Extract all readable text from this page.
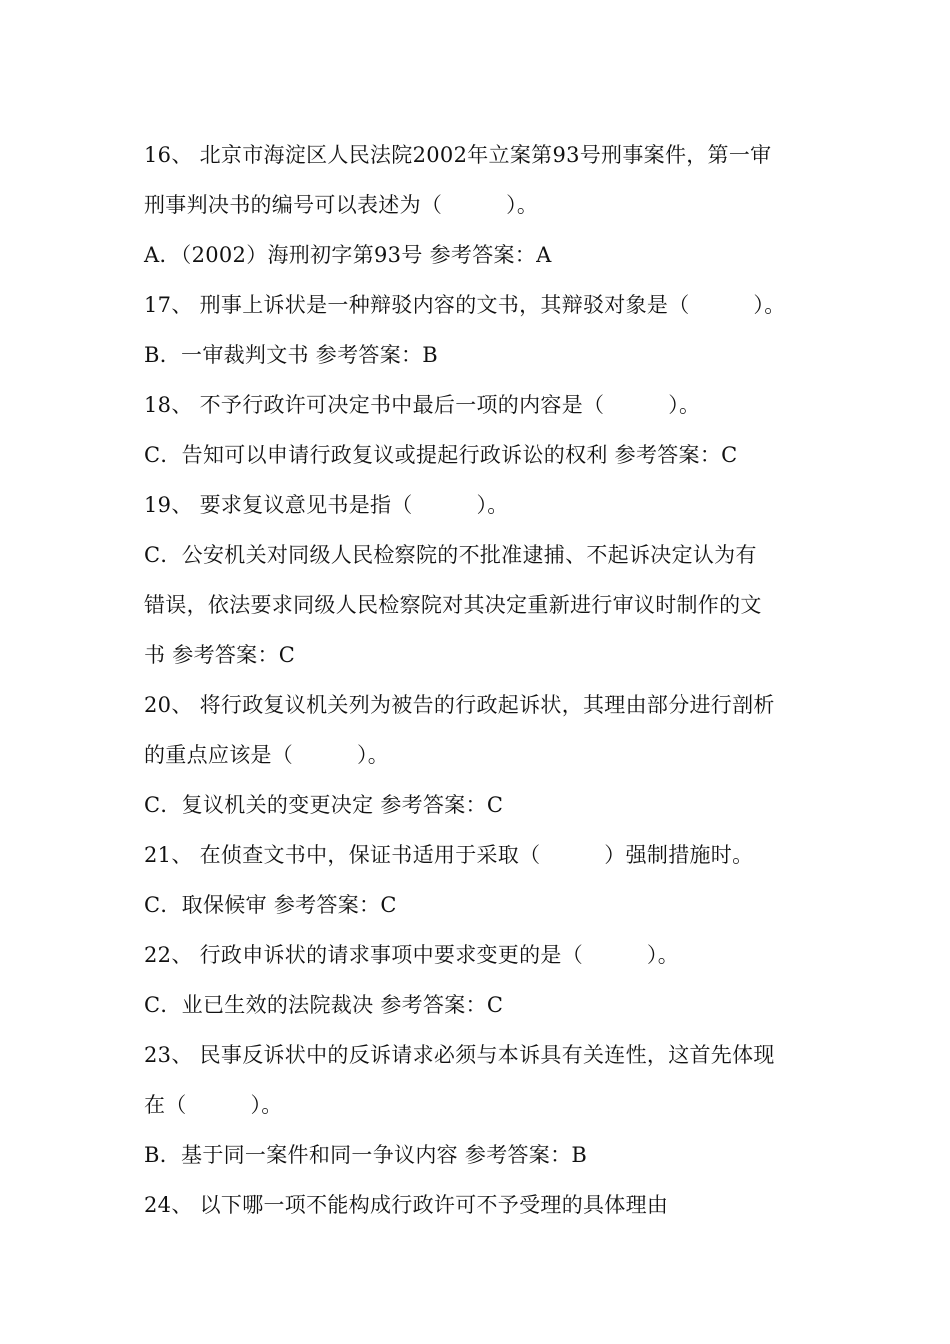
16、 北京市海淀区人民法院2002年立案第93号刑事案件，第一审
刑事判决书的编号可以表述为（　　　）。
A．（2002）海刑初字第93号 参考答案：A
17、 刑事上诉状是一种辩驳内容的文书，其辩驳对象是（　　　）。
B．一审裁判文书 参考答案：B
18、 不予行政许可决定书中最后一项的内容是（　　　）。
C．告知可以申请行政复议或提起行政诉讼的权利 参考答案：C
19、 要求复议意见书是指（　　　）。
C．公安机关对同级人民检察院的不批准逮捕、不起诉决定认为有
错误，依法要求同级人民检察院对其决定重新进行审议时制作的文
书 参考答案：C
20、 将行政复议机关列为被告的行政起诉状，其理由部分进行剖析
的重点应该是（　　　）。
C．复议机关的变更决定 参考答案：C
21、 在侦查文书中，保证书适用于采取（　　　）强制措施时。
C．取保候审 参考答案：C
22、 行政申诉状的请求事项中要求变更的是（　　　）。
C．业已生效的法院裁决 参考答案：C
23、 民事反诉状中的反诉请求必须与本诉具有关连性，这首先体现
在（　　　）。
B．基于同一案件和同一争议内容 参考答案：B
24、 以下哪一项不能构成行政许可不予受理的具体理由
